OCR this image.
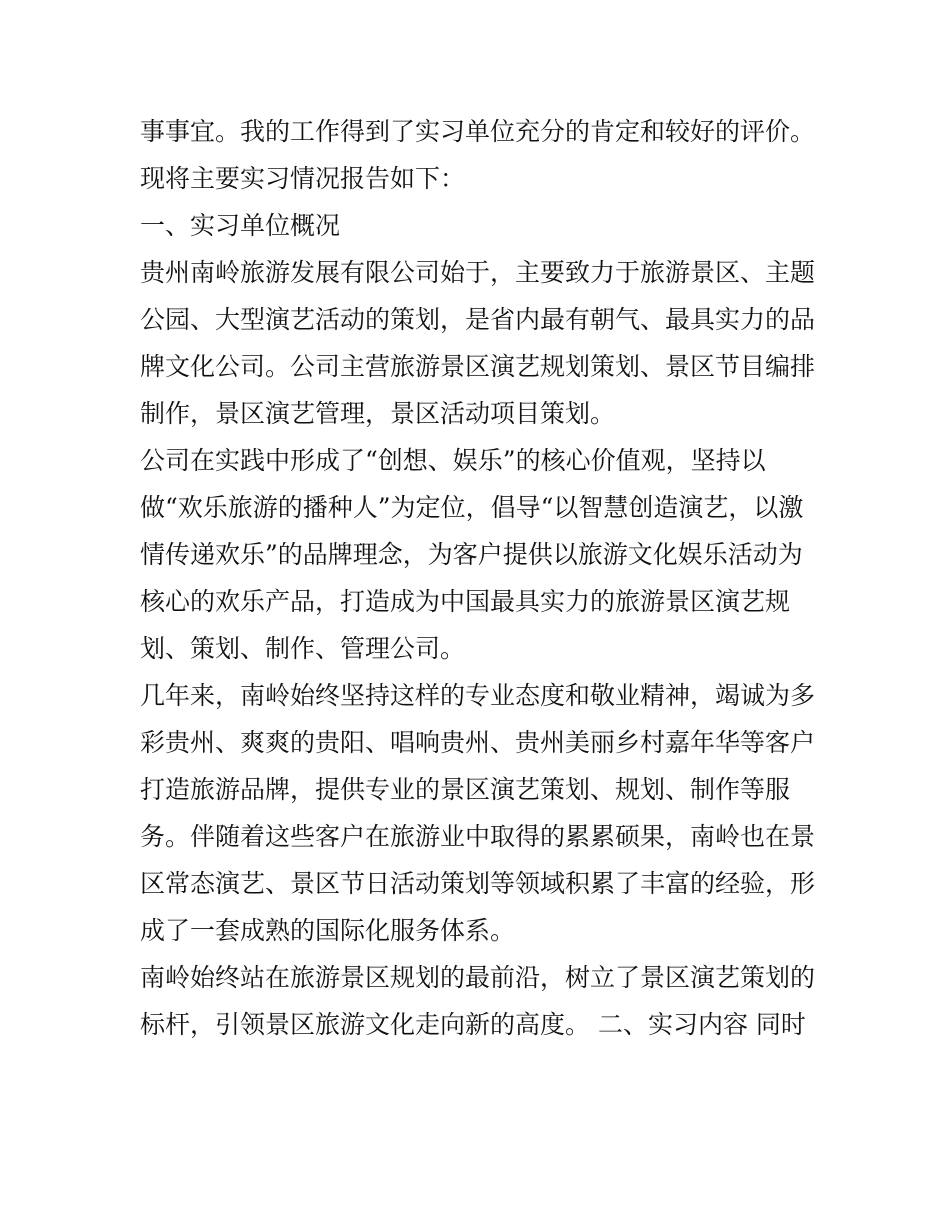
事事宜。我的工作得到了实习单位充分的肯定和较好的评价。
现将主要实习情况报告如下：
一、实习单位概况
贵州南岭旅游发展有限公司始于，主要致力于旅游景区、主题
公园、大型演艺活动的策划，是省内最有朝气、最具实力的品
牌文化公司。公司主营旅游景区演艺规划策划、景区节目编排
制作，景区演艺管理，景区活动项目策划。
公司在实践中形成了“创想、娱乐”的核心价值观，坚持以
做“欢乐旅游的播种人”为定位，倡导“以智慧创造演艺，以激
情传递欢乐”的品牌理念，为客户提供以旅游文化娱乐活动为
核心的欢乐产品，打造成为中国最具实力的旅游景区演艺规
划、策划、制作、管理公司。
几年来，南岭始终坚持这样的专业态度和敬业精神，竭诚为多
彩贵州、爽爽的贵阳、唱响贵州、贵州美丽乡村嘉年华等客户
打造旅游品牌，提供专业的景区演艺策划、规划、制作等服
务。伴随着这些客户在旅游业中取得的累累硕果，南岭也在景
区常态演艺、景区节日活动策划等领域积累了丰富的经验，形
成了一套成熟的国际化服务体系。
南岭始终站在旅游景区规划的最前沿，树立了景区演艺策划的
标杆，引领景区旅游文化走向新的高度。 二、实习内容 同时
